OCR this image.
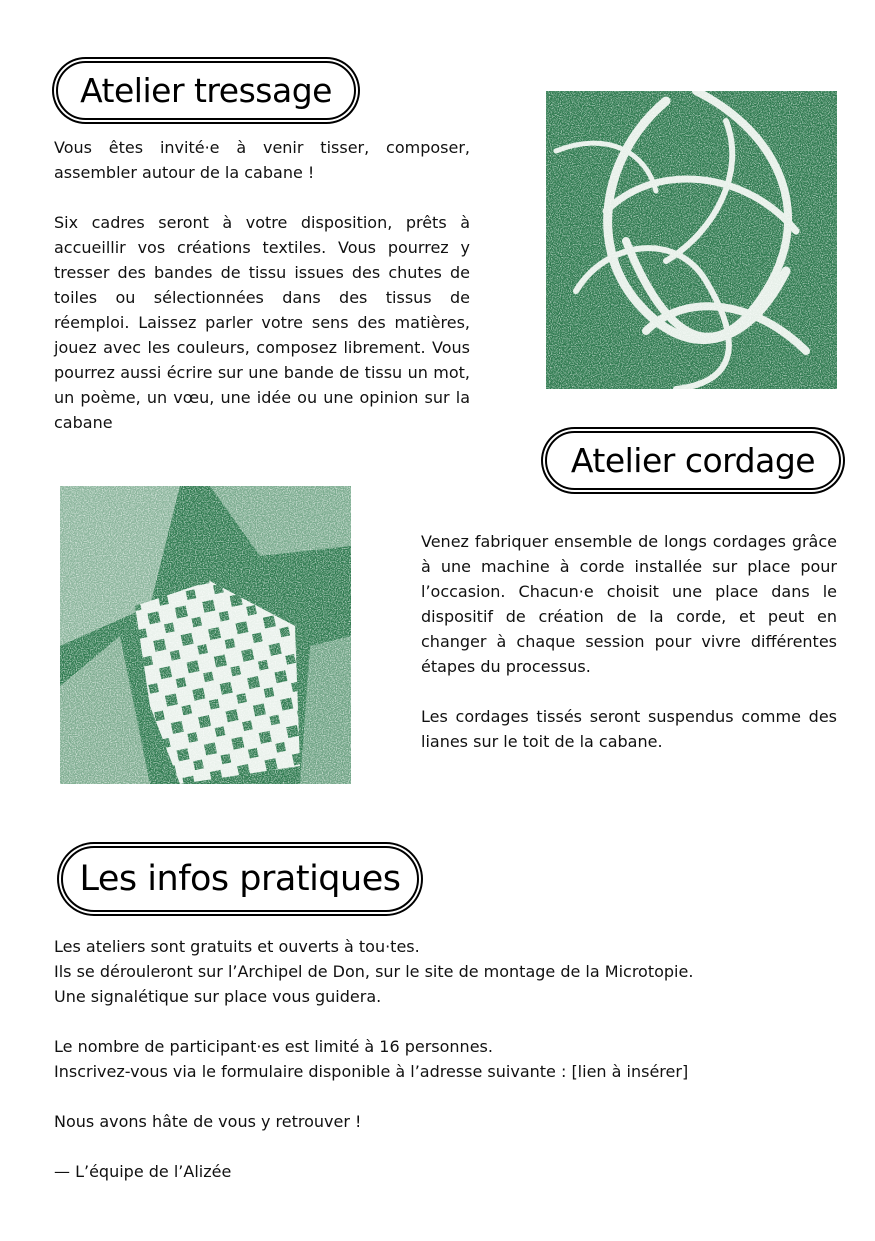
Atelier tressage

Vous êtes invité·e à venir tisser, composer, assembler autour de la cabane !

Six cadres seront à votre disposition, prêts à accueillir vos créations textiles. Vous pourrez y tresser des bandes de tissu issues des chutes de toiles ou sélectionnées dans des tissus de réemploi. Laissez parler votre sens des matières, jouez avec les couleurs, composez librement. Vous pourrez aussi écrire sur une bande de tissu un mot, un poème, un vœu, une idée ou une opinion sur la cabane

Atelier cordage

Venez fabriquer ensemble de longs cordages grâce à une machine à corde installée sur place pour l’occasion. Chacun·e choisit une place dans le dispositif de création de la corde, et peut en changer à chaque session pour vivre différentes étapes du processus.

Les cordages tissés seront suspendus comme des lianes sur le toit de la cabane.

Les infos pratiques

Les ateliers sont gratuits et ouverts à tou·tes.
Ils se dérouleront sur l’Archipel de Don, sur le site de montage de la Microtopie.
Une signalétique sur place vous guidera.

Le nombre de participant·es est limité à 16 personnes.
Inscrivez-vous via le formulaire disponible à l’adresse suivante : [lien à insérer]

Nous avons hâte de vous y retrouver !

— L’équipe de l’Alizée
